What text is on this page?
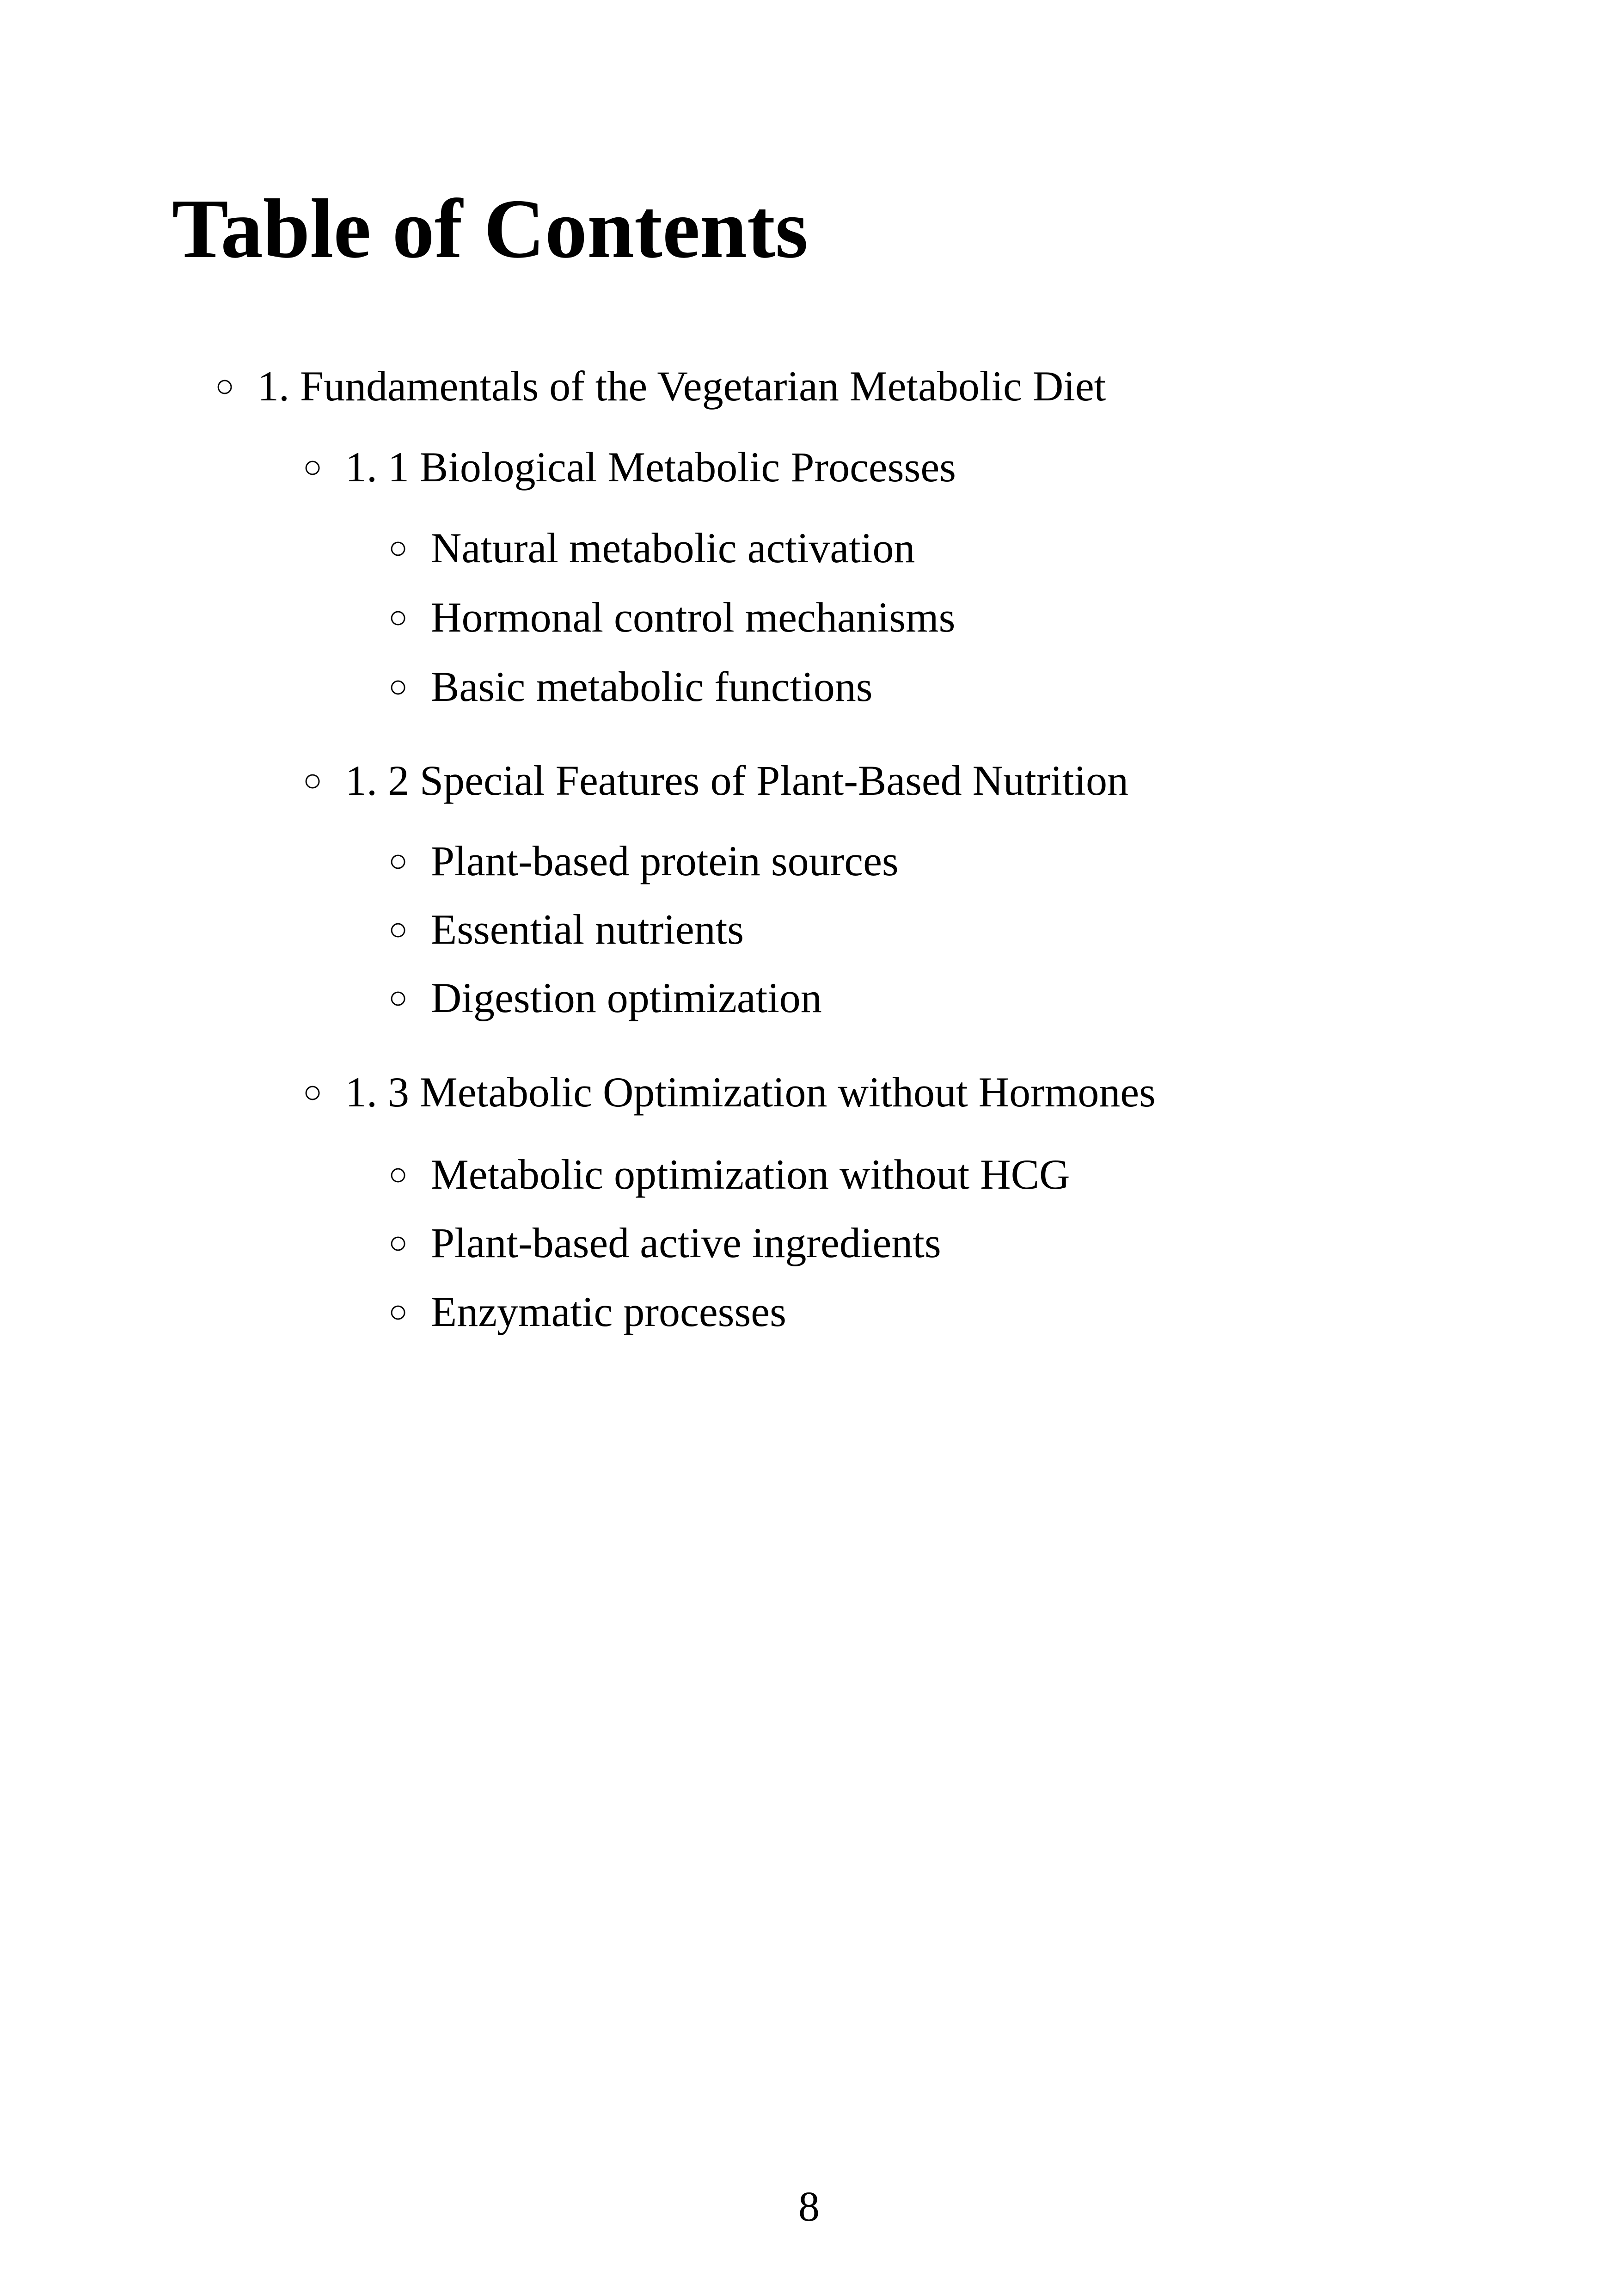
Table of Contents
○ 1. Fundamentals of the Vegetarian Metabolic Diet
○ 1. 1 Biological Metabolic Processes
○ Natural metabolic activation
○ Hormonal control mechanisms
○ Basic metabolic functions
○ 1. 2 Special Features of Plant-Based Nutrition
○ Plant-based protein sources
○ Essential nutrients
○ Digestion optimization
○ 1. 3 Metabolic Optimization without Hormones
○ Metabolic optimization without HCG
○ Plant-based active ingredients
○ Enzymatic processes
8
